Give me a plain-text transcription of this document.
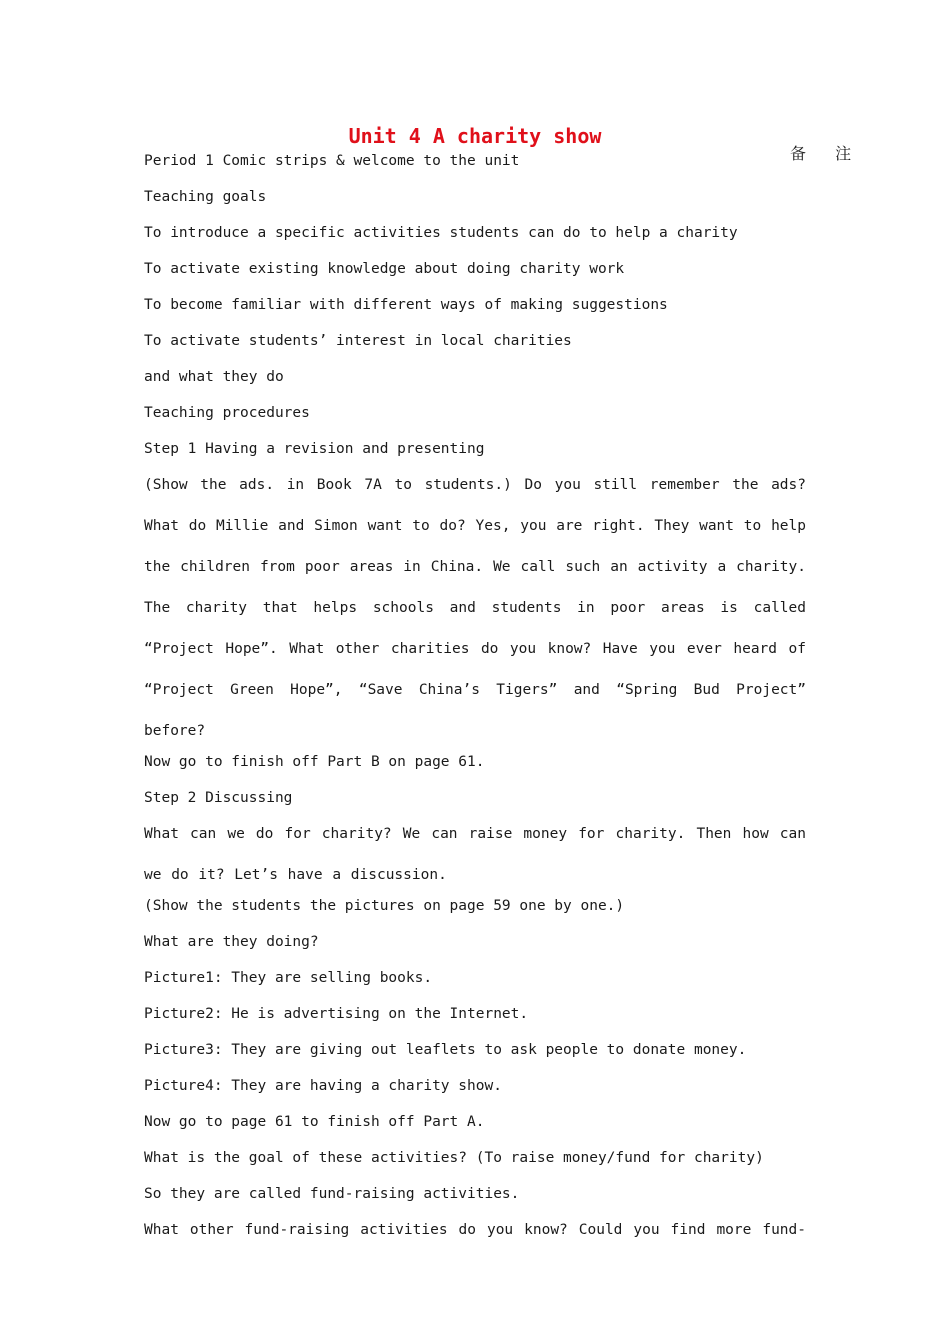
Unit 4 A charity show
备 注
Period 1 Comic strips & welcome to the unit
Teaching goals
To introduce a specific activities students can do to help a charity
To activate existing knowledge about doing charity work
To become familiar with different ways of making suggestions
To activate students’ interest in local charities
and what they do
Teaching procedures
Step 1 Having a revision and presenting
(Show the ads. in Book 7A to students.) Do you still remember the ads? What do Millie and Simon want to do? Yes, you are right. They want to help the children from poor areas in China. We call such an activity a charity. The charity that helps schools and students in poor areas is called “Project Hope”. What other charities do you know? Have you ever heard of “Project Green Hope”, “Save China’s Tigers” and “Spring Bud Project” before?
Now go to finish off Part B on page 61.
Step 2 Discussing
What can we do for charity? We can raise money for charity. Then how can we do it? Let’s have a discussion.
(Show the students the pictures on page 59 one by one.)
What are they doing?
Picture1: They are selling books.
Picture2: He is advertising on the Internet.
Picture3: They are giving out leaflets to ask people to donate money.
Picture4: They are having a charity show.
Now go to page 61 to finish off Part A.
What is the goal of these activities? (To raise money/fund for charity)
So they are called fund-raising activities.
What other fund-raising activities do you know? Could you find more fund-
